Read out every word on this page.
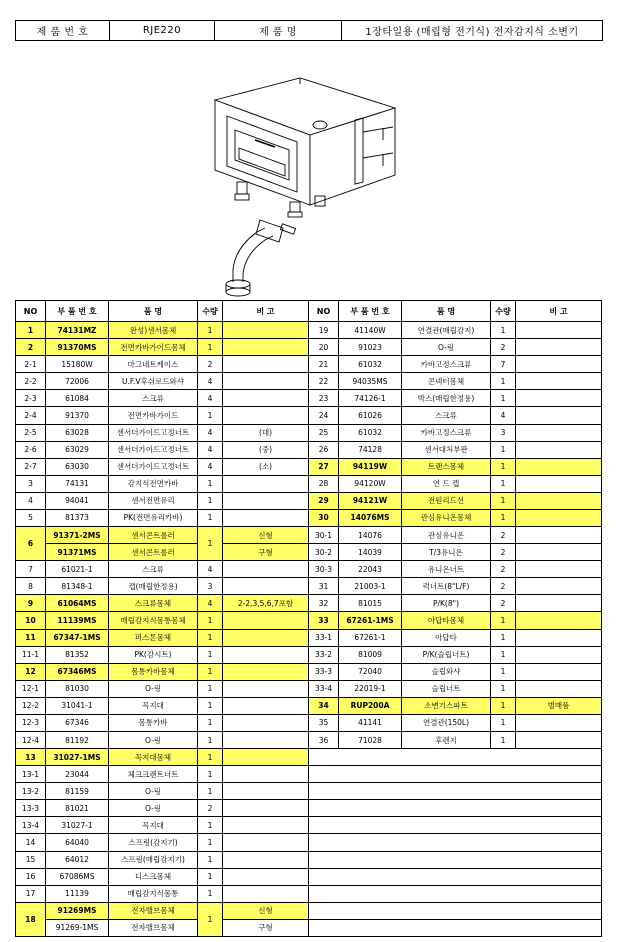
제 품 번 호	RJE220	제 품 명	1장타일용 (매립형 전기식) 전자감지식 소변기
NO	부 품 번 호	품 명	수량	비 고
1	74131MZ	완성)센서몸체	1	
2	91370MS	전면카바가이드몸체	1	
2-1	15180W	마그네트케이스	2	
2-2	72006	U.F.V후쉬로드와샤	4	
2-3	61084	스크류	4	
2-4	91370	전면카바가이드	1	
2-5	63028	센서더가이드고정너트	4	(대)
2-6	63029	센서더가이드고정너트	4	(중)
2-7	63030	센서더가이드고정너트	4	(소)
3	74131	감지식전면카바	1	
4	94041	센서전면유리	1	
5	81373	PK(전면유리카바)	1	
6	91371-2MS	센서콘트롤러	1	신형
	91371MS	센서콘트롤러		구형
7	61021-1	스크류	4	
8	81348-1	캡(매립한정용)	3	
9	61064MS	스크류몸체	4	2-2,3,5,6,7포함
10	11139MS	매립감지식몸통몸체	1	
11	67347-1MS	퍼스톤몸체	1	
11-1	81352	PK(감시트)	1	
12	67346MS	몸통카바몸체	1	
12-1	81030	O-링	1	
12-2	31041-1	꼭지대	1	
12-3	67346	몸통카바	1	
12-4	81192	O-링	1	
13	31027-1MS	꼭지대몸체	1	
13-1	23044	체크크랜트너트	1	
13-2	81159	O-링	1	
13-3	81021	O-링	2	
13-4	31027-1	꼭지대	1	
14	64040	스프링(감지기)	1	
15	64012	스프링(매립감지기)	1	
16	67086MS	디스크몸체	1	
17	11139	매립감지식몸통	1	
18	91269MS	전자밸브몸체	1	신형
	91269-1MS	전자밸브몸체		구형
NO	부 품 번 호	품 명	수량	비 고
19	41140W	연결관(매립감지)	1	
20	91023	O-링	2	
21	61032	카바고정스크류	7	
22	94035MS	콘넥터몸체	1	
23	74126-1	박스(매립한정용)	1	
24	61026	스크류	4	
25	61032	카바고정스크류	3	
26	74128	센서대처부판	1	
27	94119W	트랜스몸체	1	
28	94120W	연 드 캡	1	
29	94121W	전원리드선	1	
30	14076MS	관심유니온몸체	1	
30-1	14076	관심유니온	2	
30-2	14039	T/3유니온	2	
30-3	22043	유니온너트	2	
31	21003-1	럭너트(8"L/F)	2	
32	81015	P/K(8")	2	
33	67261-1MS	아답타몸체	1	
33-1	67261-1	아답타	1	
33-2	81009	P/K(슬립너트)	1	
33-3	72040	슬립와샤	1	
33-4	22019-1	슬립너트	1	
34	RUP200A	소변기스파트	1	별매품
35	41141	연결관(150L)	1	
36	71028	후렌지	1	
